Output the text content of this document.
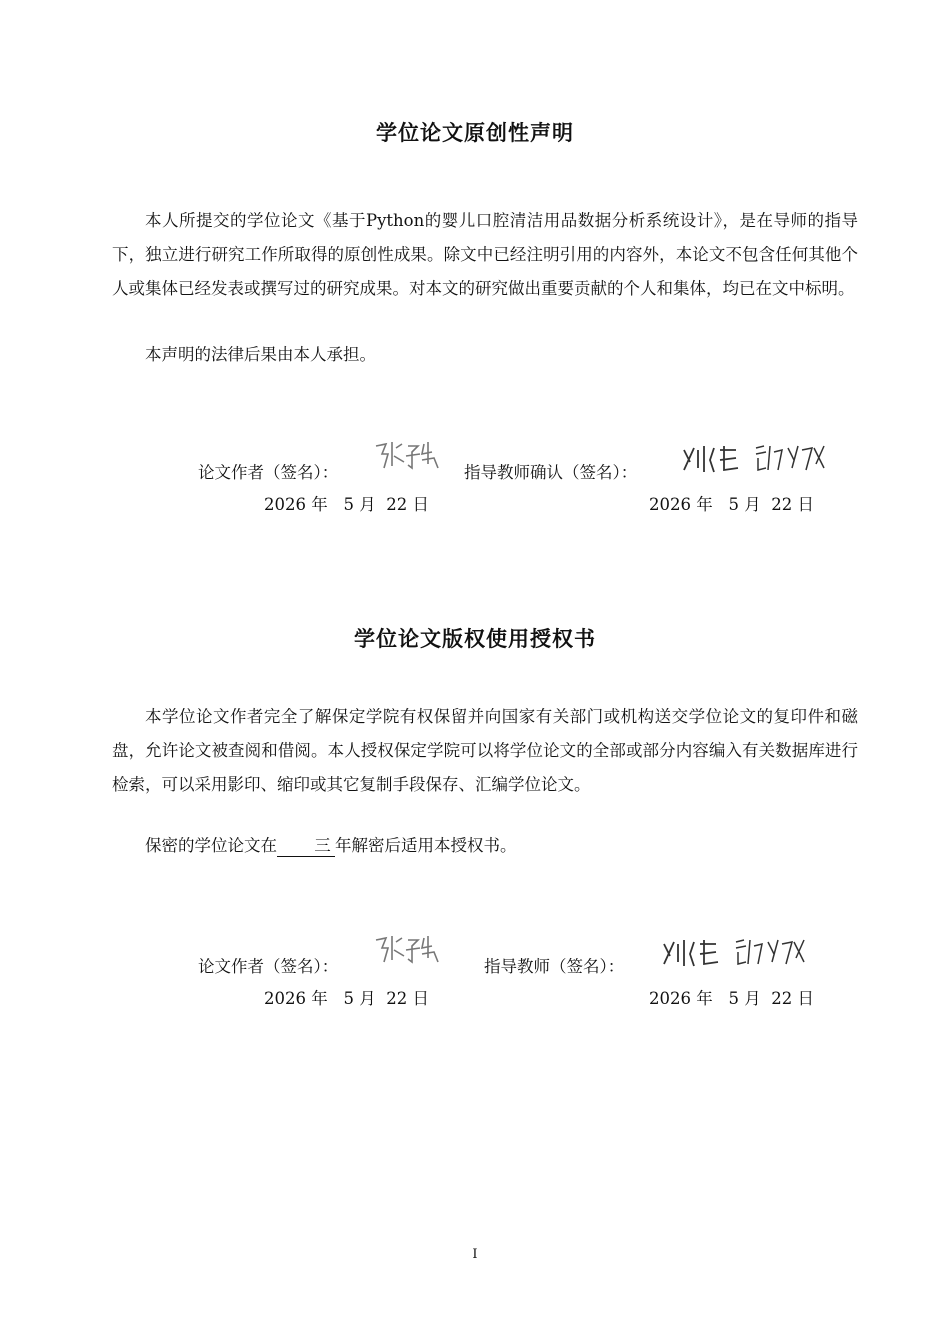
学位论文原创性声明

本人所提交的学位论文《基于Python的婴儿口腔清洁用品数据分析系统设计》，是在导师的指导下，独立进行研究工作所取得的原创性成果。除文中已经注明引用的内容外，本论文不包含任何其他个人或集体已经发表或撰写过的研究成果。对本文的研究做出重要贡献的个人和集体，均已在文中标明。

本声明的法律后果由本人承担。

论文作者（签名）：	指导教师确认（签名）：
2026 年   5 月  22 日	2026 年   5 月  22 日
学位论文版权使用授权书

本学位论文作者完全了解保定学院有权保留并向国家有关部门或机构送交学位论文的复印件和磁盘，允许论文被查阅和借阅。本人授权保定学院可以将学位论文的全部或部分内容编入有关数据库进行检索，可以采用影印、缩印或其它复制手段保存、汇编学位论文。

保密的学位论文在 三 年解密后适用本授权书。

论文作者（签名）：	指导教师（签名）：
2026 年   5 月  22 日	2026 年   5 月  22 日
I
